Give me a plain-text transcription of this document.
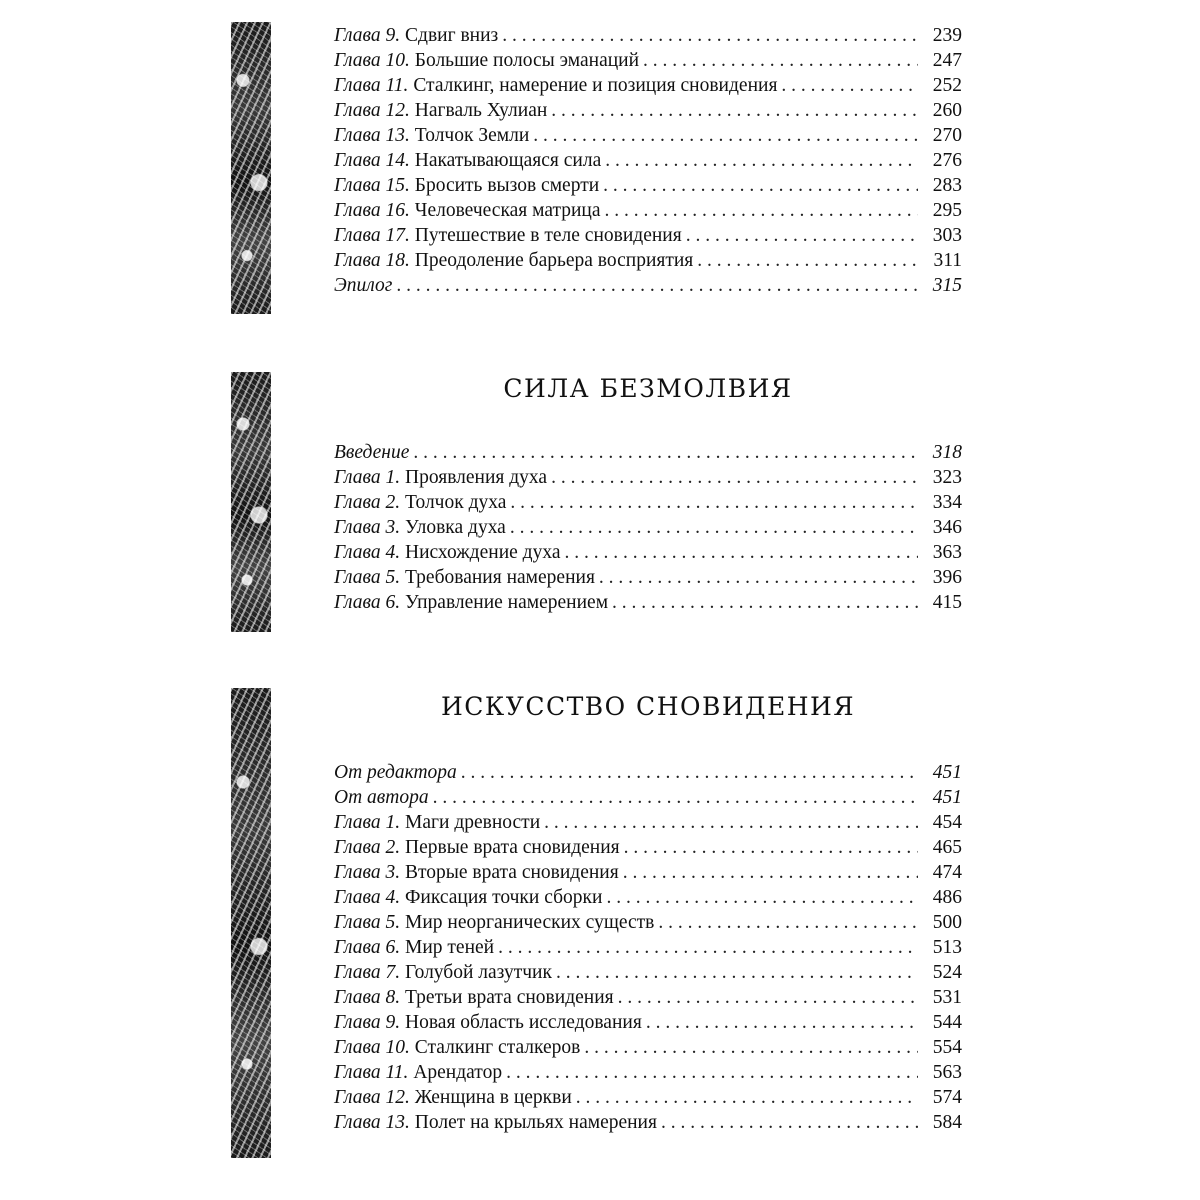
Глава 9. Сдвиг вниз . . .	239
Глава 10. Большие полосы эманаций . . .	247
Глава 11. Сталкинг, намерение и позиция сновидения . . .	252
Глава 12. Нагваль Хулиан . . .	260
Глава 13. Толчок Земли . . .	270
Глава 14. Накатывающаяся сила . . .	276
Глава 15. Бросить вызов смерти . . .	283
Глава 16. Человеческая матрица . . .	295
Глава 17. Путешествие в теле сновидения . . .	303
Глава 18. Преодоление барьера восприятия . . .	311
Эпилог . . .	315
СИЛА БЕЗМОЛВИЯ
Введение . . .	318
Глава 1. Проявления духа . . .	323
Глава 2. Толчок духа . . .	334
Глава 3. Уловка духа . . .	346
Глава 4. Нисхождение духа . . .	363
Глава 5. Требования намерения . . .	396
Глава 6. Управление намерением . . .	415
ИСКУССТВО СНОВИДЕНИЯ
От редактора . . .	451
От автора . . .	451
Глава 1. Маги древности . . .	454
Глава 2. Первые врата сновидения . . .	465
Глава 3. Вторые врата сновидения . . .	474
Глава 4. Фиксация точки сборки . . .	486
Глава 5. Мир неорганических существ . . .	500
Глава 6. Мир теней . . .	513
Глава 7. Голубой лазутчик . . .	524
Глава 8. Третьи врата сновидения . . .	531
Глава 9. Новая область исследования . . .	544
Глава 10. Сталкинг сталкеров . . .	554
Глава 11. Арендатор . . .	563
Глава 12. Женщина в церкви . . .	574
Глава 13. Полет на крыльях намерения . . .	584
